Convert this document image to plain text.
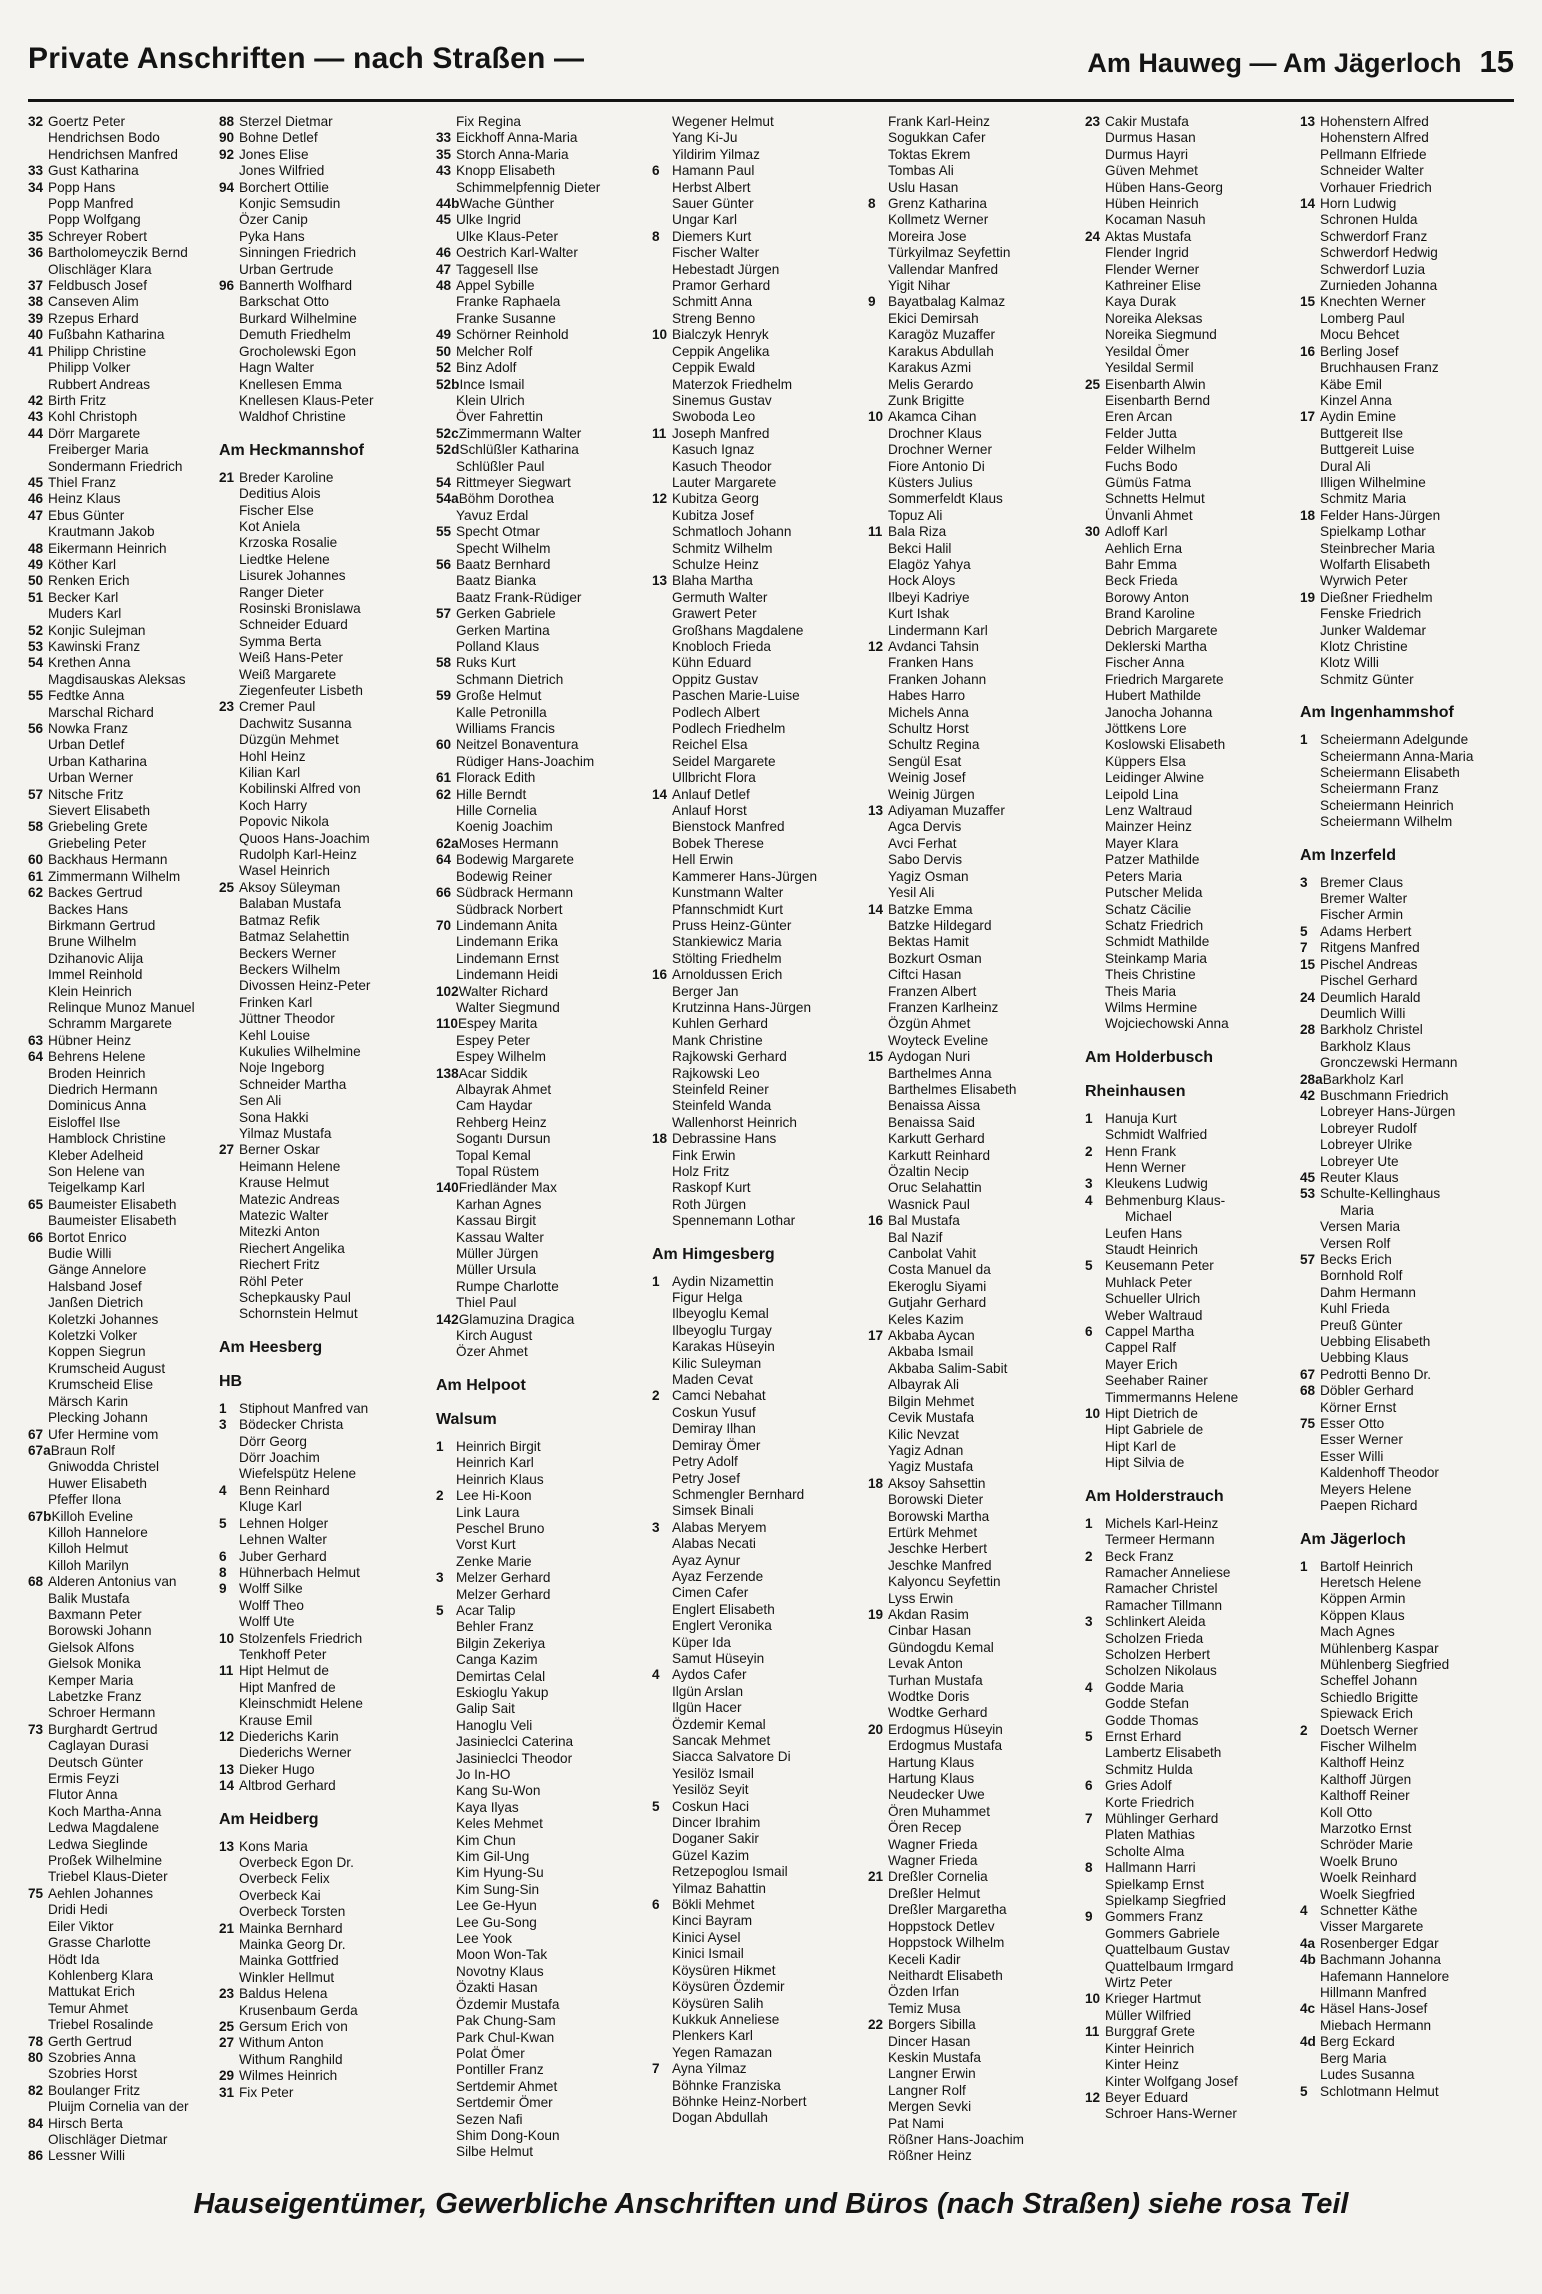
Private Anschriften — nach Straßen —	Am Hauweg — Am Jägerloch 15
32 Goertz Peter
Hendrichsen Bodo
Hendrichsen Manfred
33 Gust Katharina
34 Popp Hans
Popp Manfred
Popp Wolfgang
35 Schreyer Robert
36 Bartholomeyczik Bernd
Olischläger Klara
37 Feldbusch Josef
38 Canseven Alim
39 Rzepus Erhard
40 Fußbahn Katharina
41 Philipp Christine
Philipp Volker
Rubbert Andreas
42 Birth Fritz
43 Kohl Christoph
44 Dörr Margarete
Freiberger Maria
Sondermann Friedrich
45 Thiel Franz
46 Heinz Klaus
47 Ebus Günter
Krautmann Jakob
48 Eikermann Heinrich
49 Köther Karl
50 Renken Erich
51 Becker Karl
Muders Karl
52 Konjic Sulejman
53 Kawinski Franz
54 Krethen Anna
Magdisauskas Aleksas
55 Fedtke Anna
Marschal Richard
56 Nowka Franz
Urban Detlef
Urban Katharina
Urban Werner
57 Nitsche Fritz
Sievert Elisabeth
58 Griebeling Grete
Griebeling Peter
60 Backhaus Hermann
61 Zimmermann Wilhelm
62 Backes Gertrud
Backes Hans
Birkmann Gertrud
Brune Wilhelm
Dzihanovic Alija
Immel Reinhold
Klein Heinrich
Relinque Munoz Manuel
Schramm Margarete
63 Hübner Heinz
64 Behrens Helene
Broden Heinrich
Diedrich Hermann
Dominicus Anna
Eisloffel Ilse
Hamblock Christine
Kleber Adelheid
Son Helene van
Teigelkamp Karl
65 Baumeister Elisabeth
Baumeister Elisabeth
66 Bortot Enrico
Budie Willi
Gänge Annelore
Halsband Josef
Janßen Dietrich
Koletzki Johannes
Koletzki Volker
Koppen Siegrun
Krumscheid August
Krumscheid Elise
Märsch Karin
Plecking Johann
67 Ufer Hermine vom
67aBraun Rolf
Gniwodda Christel
Huwer Elisabeth
Pfeffer Ilona
67bKilloh Eveline
Killoh Hannelore
Killoh Helmut
Killoh Marilyn
68 Alderen Antonius van
Balik Mustafa
Baxmann Peter
Borowski Johann
Gielsok Alfons
Gielsok Monika
Kemper Maria
Labetzke Franz
Schroer Hermann
73 Burghardt Gertrud
Caglayan Durasi
Deutsch Günter
Ermis Feyzi
Flutor Anna
Koch Martha-Anna
Ledwa Magdalene
Ledwa Sieglinde
Proßek Wilhelmine
Triebel Klaus-Dieter
75 Aehlen Johannes
Dridi Hedi
Eiler Viktor
Grasse Charlotte
Hödt Ida
Kohlenberg Klara
Mattukat Erich
Temur Ahmet
Triebel Rosalinde
78 Gerth Gertrud
80 Szobries Anna
Szobries Horst
82 Boulanger Fritz
Pluijm Cornelia van der
84 Hirsch Berta
Olischläger Dietmar
86 Lessner Willi
88 Sterzel Dietmar
90 Bohne Detlef
92 Jones Elise
Jones Wilfried
94 Borchert Ottilie
Konjic Semsudin
Özer Canip
Pyka Hans
Sinningen Friedrich
Urban Gertrude
96 Bannerth Wolfhard
Barkschat Otto
Burkard Wilhelmine
Demuth Friedhelm
Grocholewski Egon
Hagn Walter
Knellesen Emma
Knellesen Klaus-Peter
Waldhof Christine
Am Heckmannshof
21 Breder Karoline
Deditius Alois
Fischer Else
Kot Aniela
Krzoska Rosalie
Liedtke Helene
Lisurek Johannes
Ranger Dieter
Rosinski Bronislawa
Schneider Eduard
Symma Berta
Weiß Hans-Peter
Weiß Margarete
Ziegenfeuter Lisbeth
23 Cremer Paul
Dachwitz Susanna
Düzgün Mehmet
Hohl Heinz
Kilian Karl
Kobilinski Alfred von
Koch Harry
Popovic Nikola
Quoos Hans-Joachim
Rudolph Karl-Heinz
Wasel Heinrich
25 Aksoy Süleyman
Balaban Mustafa
Batmaz Refik
Batmaz Selahettin
Beckers Werner
Beckers Wilhelm
Divossen Heinz-Peter
Frinken Karl
Jüttner Theodor
Kehl Louise
Kukulies Wilhelmine
Noje Ingeborg
Schneider Martha
Sen Ali
Sona Hakki
Yilmaz Mustafa
27 Berner Oskar
Heimann Helene
Krause Helmut
Matezic Andreas
Matezic Walter
Mitezki Anton
Riechert Angelika
Riechert Fritz
Röhl Peter
Schepkausky Paul
Schornstein Helmut
Am Heesberg
HB
1 Stiphout Manfred van
3 Bödecker Christa
Dörr Georg
Dörr Joachim
Wiefelspütz Helene
4 Benn Reinhard
Kluge Karl
5 Lehnen Holger
Lehnen Walter
6 Juber Gerhard
8 Hühnerbach Helmut
9 Wolff Silke
Wolff Theo
Wolff Ute
10 Stolzenfels Friedrich
Tenkhoff Peter
11 Hipt Helmut de
Hipt Manfred de
Kleinschmidt Helene
Krause Emil
12 Diederichs Karin
Diederichs Werner
13 Dieker Hugo
14 Altbrod Gerhard
Am Heidberg
13 Kons Maria
Overbeck Egon Dr.
Overbeck Felix
Overbeck Kai
Overbeck Torsten
21 Mainka Bernhard
Mainka Georg Dr.
Mainka Gottfried
Winkler Hellmut
23 Baldus Helena
Krusenbaum Gerda
25 Gersum Erich von
27 Withum Anton
Withum Ranghild
29 Wilmes Heinrich
31 Fix Peter
Fix Regina
33 Eickhoff Anna-Maria
35 Storch Anna-Maria
43 Knopp Elisabeth
Schimmelpfennig Dieter
44bWache Günther
45 Ulke Ingrid
Ulke Klaus-Peter
46 Oestrich Karl-Walter
47 Taggesell Ilse
48 Appel Sybille
Franke Raphaela
Franke Susanne
49 Schörner Reinhold
50 Melcher Rolf
52 Binz Adolf
52bInce Ismail
Klein Ulrich
Över Fahrettin
52cZimmermann Walter
52dSchlüßler Katharina
Schlüßler Paul
54 Rittmeyer Siegwart
54aBöhm Dorothea
Yavuz Erdal
55 Specht Otmar
Specht Wilhelm
56 Baatz Bernhard
Baatz Bianka
Baatz Frank-Rüdiger
57 Gerken Gabriele
Gerken Martina
Polland Klaus
58 Ruks Kurt
Schmann Dietrich
59 Große Helmut
Kalle Petronilla
Williams Francis
60 Neitzel Bonaventura
Rüdiger Hans-Joachim
61 Florack Edith
62 Hille Berndt
Hille Cornelia
Koenig Joachim
62aMoses Hermann
64 Bodewig Margarete
Bodewig Reiner
66 Südbrack Hermann
Südbrack Norbert
70 Lindemann Anita
Lindemann Erika
Lindemann Ernst
Lindemann Heidi
102Walter Richard
Walter Siegmund
110Espey Marita
Espey Peter
Espey Wilhelm
138Acar Siddik
Albayrak Ahmet
Cam Haydar
Rehberg Heinz
Sogantı Dursun
Topal Kemal
Topal Rüstem
140Friedländer Max
Karhan Agnes
Kassau Birgit
Kassau Walter
Müller Jürgen
Müller Ursula
Rumpe Charlotte
Thiel Paul
142Glamuzina Dragica
Kirch August
Özer Ahmet
Am Helpoot
Walsum
1 Heinrich Birgit
Heinrich Karl
Heinrich Klaus
2 Lee Hi-Koon
Link Laura
Peschel Bruno
Vorst Kurt
Zenke Marie
3 Melzer Gerhard
Melzer Gerhard
5 Acar Talip
Behler Franz
Bilgin Zekeriya
Canga Kazim
Demirtas Celal
Eskioglu Yakup
Galip Sait
Hanoglu Veli
Jasinieclci Caterina
Jasinieclci Theodor
Jo In-HO
Kang Su-Won
Kaya Ilyas
Keles Mehmet
Kim Chun
Kim Gil-Ung
Kim Hyung-Su
Kim Sung-Sin
Lee Ge-Hyun
Lee Gu-Song
Lee Yook
Moon Won-Tak
Novotny Klaus
Özakti Hasan
Özdemir Mustafa
Pak Chung-Sam
Park Chul-Kwan
Polat Ömer
Pontiller Franz
Sertdemir Ahmet
Sertdemir Ömer
Sezen Nafi
Shim Dong-Koun
Silbe Helmut
Wegener Helmut
Yang Ki-Ju
Yildirim Yilmaz
6 Hamann Paul
Herbst Albert
Sauer Günter
Ungar Karl
8 Diemers Kurt
Fischer Walter
Hebestadt Jürgen
Pramor Gerhard
Schmitt Anna
Streng Benno
10 Bialczyk Henryk
Ceppik Angelika
Ceppik Ewald
Materzok Friedhelm
Sinemus Gustav
Swoboda Leo
11 Joseph Manfred
Kasuch Ignaz
Kasuch Theodor
Lauter Margarete
12 Kubitza Georg
Kubitza Josef
Schmatloch Johann
Schmitz Wilhelm
Schulze Heinz
13 Blaha Martha
Germuth Walter
Grawert Peter
Großhans Magdalene
Knobloch Frieda
Kühn Eduard
Oppitz Gustav
Paschen Marie-Luise
Podlech Albert
Podlech Friedhelm
Reichel Elsa
Seidel Margarete
Ullbricht Flora
14 Anlauf Detlef
Anlauf Horst
Bienstock Manfred
Bobek Therese
Hell Erwin
Kammerer Hans-Jürgen
Kunstmann Walter
Pfannschmidt Kurt
Pruss Heinz-Günter
Stankiewicz Maria
Stölting Friedhelm
16 Arnoldussen Erich
Berger Jan
Krutzinna Hans-Jürgen
Kuhlen Gerhard
Mank Christine
Rajkowski Gerhard
Rajkowski Leo
Steinfeld Reiner
Steinfeld Wanda
Wallenhorst Heinrich
18 Debrassine Hans
Fink Erwin
Holz Fritz
Raskopf Kurt
Roth Jürgen
Spennemann Lothar
Am Himgesberg
1 Aydin Nizamettin
Figur Helga
Ilbeyoglu Kemal
Ilbeyoglu Turgay
Karakas Hüseyin
Kilic Suleyman
Maden Cevat
2 Camci Nebahat
Coskun Yusuf
Demiray Ilhan
Demiray Ömer
Petry Adolf
Petry Josef
Schmengler Bernhard
Simsek Binali
3 Alabas Meryem
Alabas Necati
Ayaz Aynur
Ayaz Ferzende
Cimen Cafer
Englert Elisabeth
Englert Veronika
Küper Ida
Samut Hüseyin
4 Aydos Cafer
Ilgün Arslan
Ilgün Hacer
Özdemir Kemal
Sancak Mehmet
Siacca Salvatore Di
Yesilöz Ismail
Yesilöz Seyit
5 Coskun Haci
Dincer Ibrahim
Doganer Sakir
Güzel Kazim
Retzepoglou Ismail
Yilmaz Bahattin
6 Bökli Mehmet
Kinci Bayram
Kinici Aysel
Kinici Ismail
Köysüren Hikmet
Köysüren Özdemir
Köysüren Salih
Kukkuk Anneliese
Plenkers Karl
Yegen Ramazan
7 Ayna Yilmaz
Böhnke Franziska
Böhnke Heinz-Norbert
Dogan Abdullah
Frank Karl-Heinz
Sogukkan Cafer
Toktas Ekrem
Tombas Ali
Uslu Hasan
8 Grenz Katharina
Kollmetz Werner
Moreira Jose
Türkyilmaz Seyfettin
Vallendar Manfred
Yigit Nihar
9 Bayatbalag Kalmaz
Ekici Demirsah
Karagöz Muzaffer
Karakus Abdullah
Karakus Azmi
Melis Gerardo
Zunk Brigitte
10 Akamca Cihan
Drochner Klaus
Drochner Werner
Fiore Antonio Di
Küsters Julius
Sommerfeldt Klaus
Topuz Ali
11 Bala Riza
Bekci Halil
Elagöz Yahya
Hock Aloys
Ilbeyi Kadriye
Kurt Ishak
Lindermann Karl
12 Avdanci Tahsin
Franken Hans
Franken Johann
Habes Harro
Michels Anna
Schultz Horst
Schultz Regina
Sengül Esat
Weinig Josef
Weinig Jürgen
13 Adiyaman Muzaffer
Agca Dervis
Avci Ferhat
Sabo Dervis
Yagiz Osman
Yesil Ali
14 Batzke Emma
Batzke Hildegard
Bektas Hamit
Bozkurt Osman
Ciftci Hasan
Franzen Albert
Franzen Karlheinz
Özgün Ahmet
Woyteck Eveline
15 Aydogan Nuri
Barthelmes Anna
Barthelmes Elisabeth
Benaissa Aissa
Benaissa Said
Karkutt Gerhard
Karkutt Reinhard
Özaltin Necip
Oruc Selahattin
Wasnick Paul
16 Bal Mustafa
Bal Nazif
Canbolat Vahit
Costa Manuel da
Ekeroglu Siyami
Gutjahr Gerhard
Keles Kazim
17 Akbaba Aycan
Akbaba Ismail
Akbaba Salim-Sabit
Albayrak Ali
Bilgin Mehmet
Cevik Mustafa
Kilic Nevzat
Yagiz Adnan
Yagiz Mustafa
18 Aksoy Sahsettin
Borowski Dieter
Borowski Martha
Ertürk Mehmet
Jeschke Herbert
Jeschke Manfred
Kalyoncu Seyfettin
Lyss Erwin
19 Akdan Rasim
Cinbar Hasan
Gündogdu Kemal
Levak Anton
Turhan Mustafa
Wodtke Doris
Wodtke Gerhard
20 Erdogmus Hüseyin
Erdogmus Mustafa
Hartung Klaus
Hartung Klaus
Neudecker Uwe
Ören Muhammet
Ören Recep
Wagner Frieda
Wagner Frieda
21 Dreßler Cornelia
Dreßler Helmut
Dreßler Margaretha
Hoppstock Detlev
Hoppstock Wilhelm
Keceli Kadir
Neithardt Elisabeth
Özden Irfan
Temiz Musa
22 Borgers Sibilla
Dincer Hasan
Keskin Mustafa
Langner Erwin
Langner Rolf
Mergen Sevki
Pat Nami
Rößner Hans-Joachim
Rößner Heinz
23 Cakir Mustafa
Durmus Hasan
Durmus Hayri
Güven Mehmet
Hüben Hans-Georg
Hüben Heinrich
Kocaman Nasuh
24 Aktas Mustafa
Flender Ingrid
Flender Werner
Kathreiner Elise
Kaya Durak
Noreika Aleksas
Noreika Siegmund
Yesildal Ömer
Yesildal Sermil
25 Eisenbarth Alwin
Eisenbarth Bernd
Eren Arcan
Felder Jutta
Felder Wilhelm
Fuchs Bodo
Gümüs Fatma
Schnetts Helmut
Ünvanli Ahmet
30 Adloff Karl
Aehlich Erna
Bahr Emma
Beck Frieda
Borowy Anton
Brand Karoline
Debrich Margarete
Deklerski Martha
Fischer Anna
Friedrich Margarete
Hubert Mathilde
Janocha Johanna
Jöttkens Lore
Koslowski Elisabeth
Küppers Elsa
Leidinger Alwine
Leipold Lina
Lenz Waltraud
Mainzer Heinz
Mayer Klara
Patzer Mathilde
Peters Maria
Putscher Melida
Schatz Cäcilie
Schatz Friedrich
Schmidt Mathilde
Steinkamp Maria
Theis Christine
Theis Maria
Wilms Hermine
Wojciechowski Anna
Am Holderbusch
Rheinhausen
1 Hanuja Kurt
Schmidt Walfried
2 Henn Frank
Henn Werner
3 Kleukens Ludwig
4 Behmenburg Klaus-
Michael
Leufen Hans
Staudt Heinrich
5 Keusemann Peter
Muhlack Peter
Schueller Ulrich
Weber Waltraud
6 Cappel Martha
Cappel Ralf
Mayer Erich
Seehaber Rainer
Timmermanns Helene
10 Hipt Dietrich de
Hipt Gabriele de
Hipt Karl de
Hipt Silvia de
Am Holderstrauch
1 Michels Karl-Heinz
Termeer Hermann
2 Beck Franz
Ramacher Anneliese
Ramacher Christel
Ramacher Tillmann
3 Schlinkert Aleida
Scholzen Frieda
Scholzen Herbert
Scholzen Nikolaus
4 Godde Maria
Godde Stefan
Godde Thomas
5 Ernst Erhard
Lambertz Elisabeth
Schmitz Hulda
6 Gries Adolf
Korte Friedrich
7 Mühlinger Gerhard
Platen Mathias
Scholte Alma
8 Hallmann Harri
Spielkamp Ernst
Spielkamp Siegfried
9 Gommers Franz
Gommers Gabriele
Quattelbaum Gustav
Quattelbaum Irmgard
Wirtz Peter
10 Krieger Hartmut
Müller Wilfried
11 Burggraf Grete
Kinter Heinrich
Kinter Heinz
Kinter Wolfgang Josef
12 Beyer Eduard
Schroer Hans-Werner
13 Hohenstern Alfred
Hohenstern Alfred
Pellmann Elfriede
Schneider Walter
Vorhauer Friedrich
14 Horn Ludwig
Schronen Hulda
Schwerdorf Franz
Schwerdorf Hedwig
Schwerdorf Luzia
Zurnieden Johanna
15 Knechten Werner
Lomberg Paul
Mocu Behcet
16 Berling Josef
Bruchhausen Franz
Käbe Emil
Kinzel Anna
17 Aydin Emine
Buttgereit Ilse
Buttgereit Luise
Dural Ali
Illigen Wilhelmine
Schmitz Maria
18 Felder Hans-Jürgen
Spielkamp Lothar
Steinbrecher Maria
Wolfarth Elisabeth
Wyrwich Peter
19 Dießner Friedhelm
Fenske Friedrich
Junker Waldemar
Klotz Christine
Klotz Willi
Schmitz Günter
Am Ingenhammshof
1 Scheiermann Adelgunde
Scheiermann Anna-Maria
Scheiermann Elisabeth
Scheiermann Franz
Scheiermann Heinrich
Scheiermann Wilhelm
Am Inzerfeld
3 Bremer Claus
Bremer Walter
Fischer Armin
5 Adams Herbert
7 Ritgens Manfred
15 Pischel Andreas
Pischel Gerhard
24 Deumlich Harald
Deumlich Willi
28 Barkholz Christel
Barkholz Klaus
Gronczewski Hermann
28aBarkholz Karl
42 Buschmann Friedrich
Lobreyer Hans-Jürgen
Lobreyer Rudolf
Lobreyer Ulrike
Lobreyer Ute
45 Reuter Klaus
53 Schulte-Kellinghaus
Maria
Versen Maria
Versen Rolf
57 Becks Erich
Bornhold Rolf
Dahm Hermann
Kuhl Frieda
Preuß Günter
Uebbing Elisabeth
Uebbing Klaus
67 Pedrotti Benno Dr.
68 Döbler Gerhard
Körner Ernst
75 Esser Otto
Esser Werner
Esser Willi
Kaldenhoff Theodor
Meyers Helene
Paepen Richard
Am Jägerloch
1 Bartolf Heinrich
Heretsch Helene
Köppen Armin
Köppen Klaus
Mach Agnes
Mühlenberg Kaspar
Mühlenberg Siegfried
Scheffel Johann
Schiedlo Brigitte
Spiewack Erich
2 Doetsch Werner
Fischer Wilhelm
Kalthoff Heinz
Kalthoff Jürgen
Kalthoff Reiner
Koll Otto
Marzotko Ernst
Schröder Marie
Woelk Bruno
Woelk Reinhard
Woelk Siegfried
4 Schnetter Käthe
Visser Margarete
4a Rosenberger Edgar
4b Bachmann Johanna
Hafemann Hannelore
Hillmann Manfred
4c Häsel Hans-Josef
Miebach Hermann
4d Berg Eckard
Berg Maria
Ludes Susanna
5 Schlotmann Helmut
Hauseigentümer, Gewerbliche Anschriften und Büros (nach Straßen) siehe rosa Teil
